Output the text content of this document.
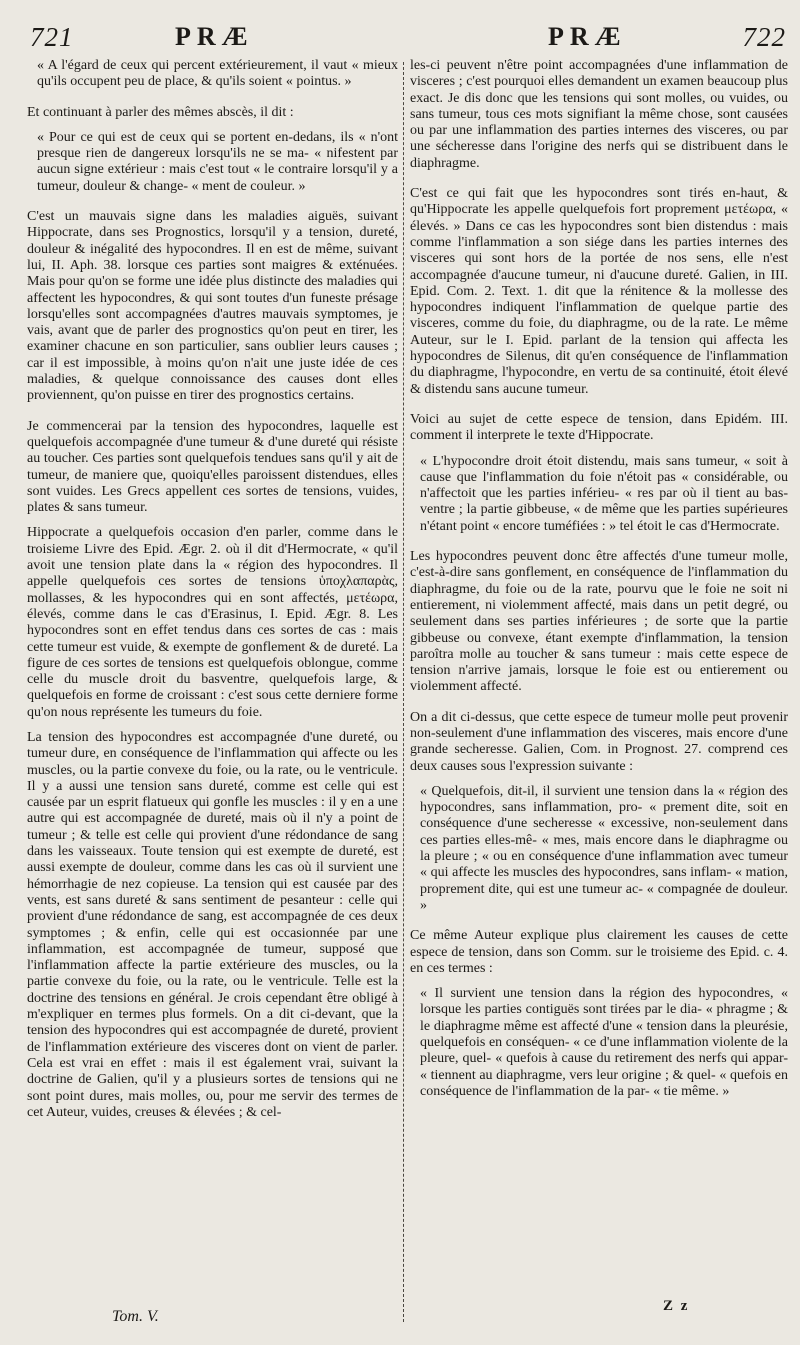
721	PRÆ	PRÆ	722

« A l'égard de ceux qui percent extérieurement, il vaut « mieux qu'ils occupent peu de place, & qu'ils soient « pointus. »

Et continuant à parler des mêmes abscès, il dit :

« Pour ce qui est de ceux qui se portent en-dedans, ils « n'ont presque rien de dangereux lorsqu'ils ne se ma- « nifestent par aucun signe extérieur : mais c'est tout « le contraire lorsqu'il y a tumeur, douleur & change- « ment de couleur. »

C'est un mauvais signe dans les maladies aiguës, suivant Hippocrate, dans ses Prognostics, lorsqu'il y a tension, dureté, douleur & inégalité des hypocondres. Il en est de même, suivant lui, II. Aph. 38. lorsque ces parties sont maigres & exténuées. Mais pour qu'on se forme une idée plus distincte des maladies qui affectent les hypocondres, & qui sont toutes d'un funeste présage lorsqu'elles sont accompagnées d'autres mauvais symptomes, je vais, avant que de parler des prognostics qu'on peut en tirer, les examiner chacune en son particulier, sans oublier leurs causes ; car il est impossible, à moins qu'on n'ait une juste idée de ces maladies, & quelque connoissance des causes dont elles proviennent, qu'on puisse en tirer des prognostics certains.

Je commencerai par la tension des hypocondres, laquelle est quelquefois accompagnée d'une tumeur & d'une dureté qui résiste au toucher. Ces parties sont quelquefois tendues sans qu'il y ait de tumeur, de maniere que, quoiqu'elles paroissent distendues, elles sont vuides. Les Grecs appellent ces sortes de tensions, vuides, plates & sans tumeur.

Hippocrate a quelquefois occasion d'en parler, comme dans le troisieme Livre des Epid. Ægr. 2. où il dit d'Hermocrate, « qu'il avoit une tension plate dans la « région des hypocondres. Il appelle quelquefois ces sortes de tensions ὑποχλαπαρὰς, mollasses, & les hypocondres qui en sont affectés, μετέωρα, élevés, comme dans le cas d'Erasinus, I. Epid. Ægr. 8. Les hypocondres sont en effet tendus dans ces sortes de cas : mais cette tumeur est vuide, & exempte de gonflement & de dureté. La figure de ces sortes de tensions est quelquefois oblongue, comme celle du muscle droit du basventre, quelquefois large, & quelquefois en forme de croissant : c'est sous cette derniere forme qu'on nous représente les tumeurs du foie.

La tension des hypocondres est accompagnée d'une dureté, ou tumeur dure, en conséquence de l'inflammation qui affecte ou les muscles, ou la partie convexe du foie, ou la rate, ou le ventricule. Il y a aussi une tension sans dureté, comme est celle qui est causée par un esprit flatueux qui gonfle les muscles : il y en a une autre qui est accompagnée de dureté, mais où il n'y a point de tumeur ; & telle est celle qui provient d'une rédondance de sang dans les vaisseaux. Toute tension qui est exempte de dureté, est aussi exempte de douleur, comme dans les cas où il survient une hémorrhagie de nez copieuse. La tension qui est causée par des vents, est sans dureté & sans sentiment de pesanteur : celle qui provient d'une rédondance de sang, est accompagnée de ces deux symptomes ; & enfin, celle qui est occasionnée par une inflammation, est accompagnée de tumeur, supposé que l'inflammation affecte la partie extérieure des muscles, ou la partie convexe du foie, ou la rate, ou le ventricule. Telle est la doctrine des tensions en général. Je crois cependant être obligé à m'expliquer en termes plus formels. On a dit ci-devant, que la tension des hypocondres qui est accompagnée de dureté, provient de l'inflammation extérieure des visceres dont on vient de parler. Cela est vrai en effet : mais il est également vrai, suivant la doctrine de Galien, qu'il y a plusieurs sortes de tensions qui ne sont point dures, mais molles, ou, pour me servir des termes de cet Auteur, vuides, creuses & élevées ; & cel-

les-ci peuvent n'être point accompagnées d'une inflammation de visceres ; c'est pourquoi elles demandent un examen beaucoup plus exact. Je dis donc que les tensions qui sont molles, ou vuides, ou sans tumeur, tous ces mots signifiant la même chose, sont causées ou par une inflammation des parties internes des visceres, ou par une sécheresse dans l'origine des nerfs qui se distribuent dans le diaphragme.

C'est ce qui fait que les hypocondres sont tirés en-haut, & qu'Hippocrate les appelle quelquefois fort proprement μετέωρα, « élevés. » Dans ce cas les hypocondres sont bien distendus : mais comme l'inflammation a son siége dans les parties internes des visceres qui sont hors de la portée de nos sens, elle n'est accompagnée d'aucune tumeur, ni d'aucune dureté. Galien, in III. Epid. Com. 2. Text. 1. dit que la rénitence & la mollesse des hypocondres indiquent l'inflammation de quelque partie des visceres, comme du foie, du diaphragme, ou de la rate. Le même Auteur, sur le I. Epid. parlant de la tension qui affecta les hypocondres de Silenus, dit qu'en conséquence de l'inflammation du diaphragme, l'hypocondre, en vertu de sa continuité, étoit élevé & distendu sans aucune tumeur.

Voici au sujet de cette espece de tension, dans Epidém. III. comment il interprete le texte d'Hippocrate.

« L'hypocondre droit étoit distendu, mais sans tumeur, « soit à cause que l'inflammation du foie n'étoit pas « considérable, ou n'affectoit que les parties inférieu- « res par où il tient au bas-ventre ; la partie gibbeuse, « de même que les parties supérieures n'étant point « encore tuméfiées : » tel étoit le cas d'Hermocrate.

Les hypocondres peuvent donc être affectés d'une tumeur molle, c'est-à-dire sans gonflement, en conséquence de l'inflammation du diaphragme, du foie ou de la rate, pourvu que le foie ne soit ni entierement, ni violemment affecté, mais dans un petit degré, ou seulement dans ses parties inférieures ; de sorte que la partie gibbeuse ou convexe, étant exempte d'inflammation, la tension paroîtra molle au toucher & sans tumeur : mais cette espece de tension n'arrive jamais, lorsque le foie est ou entierement ou violemment affecté.

On a dit ci-dessus, que cette espece de tumeur molle peut provenir non-seulement d'une inflammation des visceres, mais encore d'une grande secheresse. Galien, Com. in Prognost. 27. comprend ces deux causes sous l'expression suivante :

« Quelquefois, dit-il, il survient une tension dans la « région des hypocondres, sans inflammation, pro- « prement dite, soit en conséquence d'une secheresse « excessive, non-seulement dans ces parties elles-mê- « mes, mais encore dans le diaphragme ou la pleure ; « ou en conséquence d'une inflammation avec tumeur « qui affecte les muscles des hypocondres, sans inflam- « mation, proprement dite, qui est une tumeur ac- « compagnée de douleur. »

Ce même Auteur explique plus clairement les causes de cette espece de tension, dans son Comm. sur le troisieme des Epid. c. 4. en ces termes :

« Il survient une tension dans la région des hypocondres, « lorsque les parties contiguës sont tirées par le dia- « phragme ; & le diaphragme même est affecté d'une « tension dans la pleurésie, quelquefois en conséquen- « ce d'une inflammation violente de la pleure, quel- « quefois à cause du retirement des nerfs qui appar- « tiennent au diaphragme, vers leur origine ; & quel- « quefois en conséquence de l'inflammation de la par- « tie même. »

Tom. V.
Z z
